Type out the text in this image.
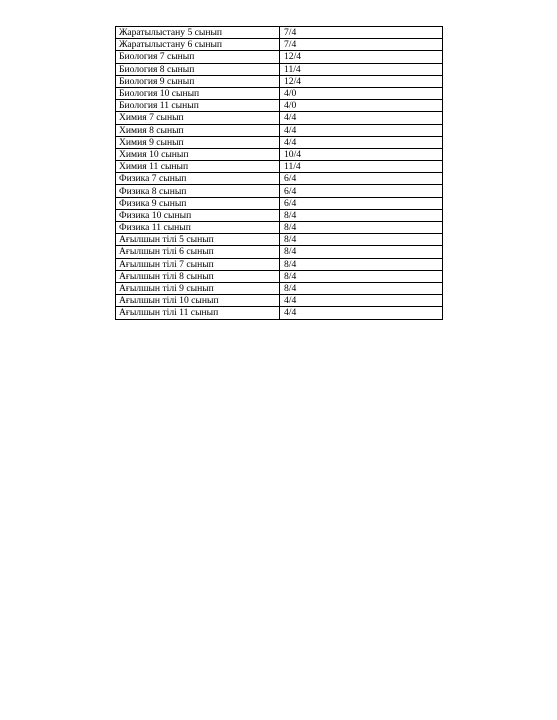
Жаратылыстану 5 сынып	7/4
Жаратылыстану 6 сынып	7/4
Биология 7 сынып	12/4
Биология 8 сынып	11/4
Биология 9 сынып	12/4
Биология 10 сынып	4/0
Биология 11 сынып	4/0
Химия 7 сынып	4/4
Химия 8 сынып	4/4
Химия 9 сынып	4/4
Химия 10 сынып	10/4
Химия 11 сынып	11/4
Физика 7 сынып	6/4
Физика 8 сынып	6/4
Физика 9 сынып	6/4
Физика 10 сынып	8/4
Физика 11 сынып	8/4
Ағылшын тілі 5 сынып	8/4
Ағылшын тілі 6 сынып	8/4
Ағылшын тілі 7 сынып	8/4
Ағылшын тілі 8 сынып	8/4
Ағылшын тілі 9 сынып	8/4
Ағылшын тілі 10 сынып	4/4
Ағылшын тілі 11 сынып	4/4
